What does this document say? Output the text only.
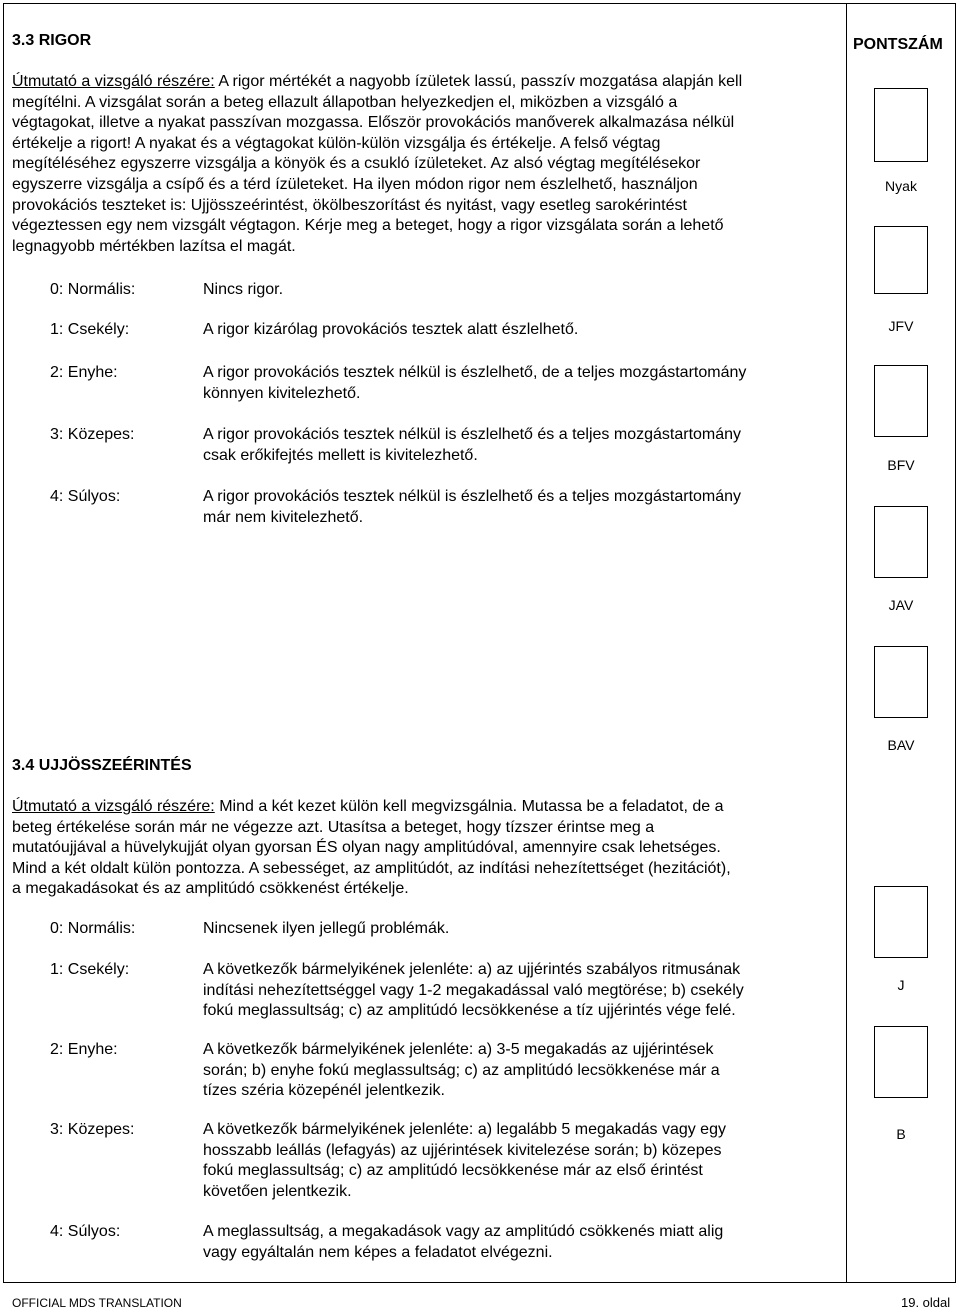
3.3 RIGOR
Útmutató a vizsgáló részére: A rigor mértékét a nagyobb ízületek lassú, passzív mozgatása alapján kell
megítélni. A vizsgálat során a beteg ellazult állapotban helyezkedjen el, miközben a vizsgáló a
végtagokat, illetve a nyakat passzívan mozgassa. Először provokációs manőverek alkalmazása nélkül
értékelje a rigort! A nyakat és a végtagokat külön-külön vizsgálja és értékelje. A felső végtag
megítéléséhez egyszerre vizsgálja a könyök és a csukló ízületeket. Az alsó végtag megítélésekor
egyszerre vizsgálja a csípő és a térd ízületeket. Ha ilyen módon rigor nem észlelhető, használjon
provokációs teszteket is: Ujjösszeérintést, ökölbeszorítást és nyitást, vagy esetleg sarokérintést
végeztessen egy nem vizsgált végtagon. Kérje meg a beteget, hogy a rigor vizsgálata során a lehető
legnagyobb mértékben lazítsa el magát.
0: Normális:	Nincs rigor.
1: Csekély:	A rigor kizárólag provokációs tesztek alatt észlelhető.
2: Enyhe:	A rigor provokációs tesztek nélkül is észlelhető, de a teljes mozgástartomány
könnyen kivitelezhető.
3: Közepes:	A rigor provokációs tesztek nélkül is észlelhető és a teljes mozgástartomány
csak erőkifejtés mellett is kivitelezhető.
4: Súlyos:	A rigor provokációs tesztek nélkül is észlelhető és a teljes mozgástartomány
már nem kivitelezhető.
3.4 UJJÖSSZEÉRINTÉS
Útmutató a vizsgáló részére: Mind a két kezet külön kell megvizsgálnia. Mutassa be a feladatot, de a
beteg értékelése során már ne végezze azt. Utasítsa a beteget, hogy tízszer érintse meg a
mutatóujjával a hüvelykujját olyan gyorsan ÉS olyan nagy amplitúdóval, amennyire csak lehetséges.
Mind a két oldalt külön pontozza. A sebességet, az amplitúdót, az indítási nehezítettséget (hezitációt),
a megakadásokat és az amplitúdó csökkenést értékelje.
0: Normális:	Nincsenek ilyen jellegű problémák.
1: Csekély:	A következők bármelyikének jelenléte: a) az ujjérintés szabályos ritmusának
indítási nehezítettséggel vagy 1-2 megakadással való megtörése; b) csekély
fokú meglassultság; c) az amplitúdó lecsökkenése a tíz ujjérintés vége felé.
2: Enyhe:	A következők bármelyikének jelenléte: a) 3-5 megakadás az ujjérintések
során; b) enyhe fokú meglassultság; c) az amplitúdó lecsökkenése már a
tízes széria közepénél jelentkezik.
3: Közepes:	A következők bármelyikének jelenléte: a) legalább 5 megakadás vagy egy
hosszabb leállás (lefagyás) az ujjérintések kivitelezése során; b) közepes
fokú meglassultság; c) az amplitúdó lecsökkenése már az első érintést
követően jelentkezik.
4: Súlyos:	A meglassultság, a megakadások vagy az amplitúdó csökkenés miatt alig
vagy egyáltalán nem képes a feladatot elvégezni.
PONTSZÁM
Nyak
JFV
BFV
JAV
BAV
J
B
OFFICIAL MDS TRANSLATION	19. oldal
